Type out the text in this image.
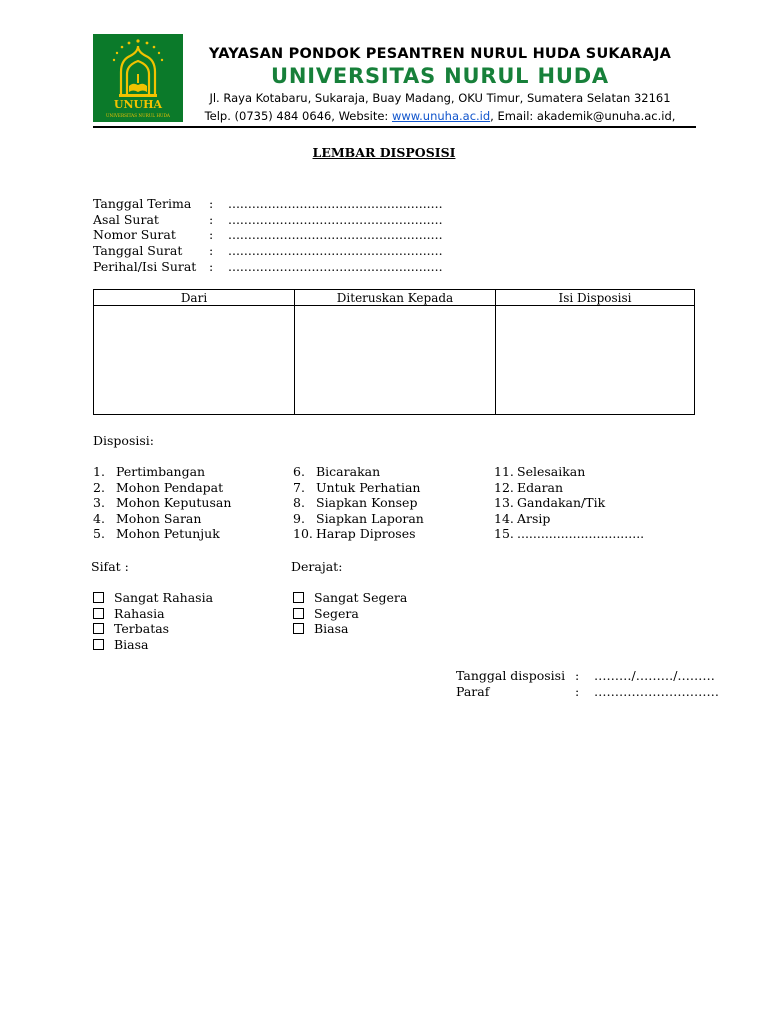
UNUHA
UNIVERSITAS NURUL HUDA
YAYASAN PONDOK PESANTREN NURUL HUDA SUKARAJA
UNIVERSITAS NURUL HUDA
Jl. Raya Kotabaru, Sukaraja, Buay Madang, OKU Timur, Sumatera Selatan 32161
Telp. (0735) 484 0646, Website: www.unuha.ac.id, Email: akademik@unuha.ac.id,
LEMBAR DISPOSISI
Tanggal Terima	:	......................................................
Asal Surat	:	......................................................
Nomor Surat	:	......................................................
Tanggal Surat	:	......................................................
Perihal/Isi Surat	:	......................................................
Dari	Diteruskan Kepada	Isi Disposisi

Disposisi:
1. Pertimbangan
2. Mohon Pendapat
3. Mohon Keputusan
4. Mohon Saran
5. Mohon Petunjuk
6. Bicarakan
7. Untuk Perhatian
8. Siapkan Konsep
9. Siapkan Laporan
10. Harap Diproses
11. Selesaikan
12. Edaran
13. Gandakan/Tik
14. Arsip
15. ................................
Sifat :	Derajat:
Sangat Rahasia
Rahasia
Terbatas
Biasa
Sangat Segera
Segera
Biasa
Tanggal disposisi :	………/………/………
Paraf	:	…………………………
